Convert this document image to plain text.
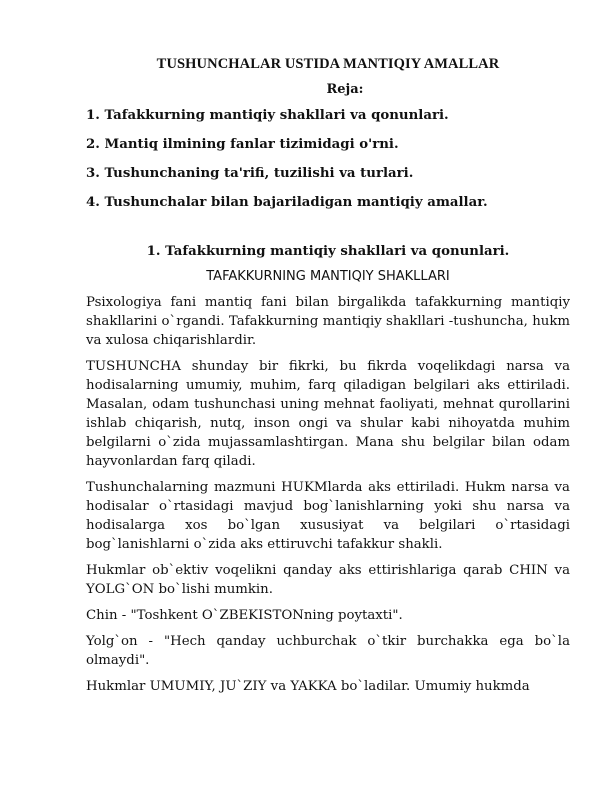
TUSHUNCHALAR USTIDA MANTIQIY AMALLAR
Reja:
1. Tafakkurning mantiqiy shakllari va qonunlari.
2. Mantiq ilmining fanlar tizimidagi o'rni.
3. Tushunchaning ta'rifi, tuzilishi va turlari.
4. Tushunchalar bilan bajariladigan mantiqiy amallar.
1. Tafakkurning mantiqiy shakllari va qonunlari.
TAFAKKURNING MANTIQIY SHAKLLARI

Psixologiya fani mantiq fani bilan birgalikda tafakkurning mantiqiy shakllarini o`rgandi. Tafakkurning mantiqiy shakllari -tushuncha, hukm va xulosa chiqarishlardir.

TUSHUNCHA shunday bir fikrki, bu fikrda voqelikdagi narsa va hodisalarning umumiy, muhim, farq qiladigan belgilari aks ettiriladi. Masalan, odam tushunchasi uning mehnat faoliyati, mehnat qurollarini ishlab chiqarish, nutq, inson ongi va shular kabi nihoyatda muhim belgilarni o`zida mujassamlashtirgan. Mana shu belgilar bilan odam hayvonlardan farq qiladi.

Tushunchalarning mazmuni HUKMlarda aks ettiriladi. Hukm narsa va hodisalar o`rtasidagi mavjud bog`lanishlarning yoki shu narsa va hodisalarga xos bo`lgan xususiyat va belgilari o`rtasidagi bog`lanishlarni o`zida aks ettiruvchi tafakkur shakli.

Hukmlar ob`ektiv voqelikni qanday aks ettirishlariga qarab CHIN va YOLG`ON bo`lishi mumkin.

Chin - "Toshkent O`ZBEKISTONning poytaxti".

Yolg`on - "Hech qanday uchburchak o`tkir burchakka ega bo`la olmaydi".

Hukmlar UMUMIY, JU`ZIY va YAKKA bo`ladilar. Umumiy hukmda
